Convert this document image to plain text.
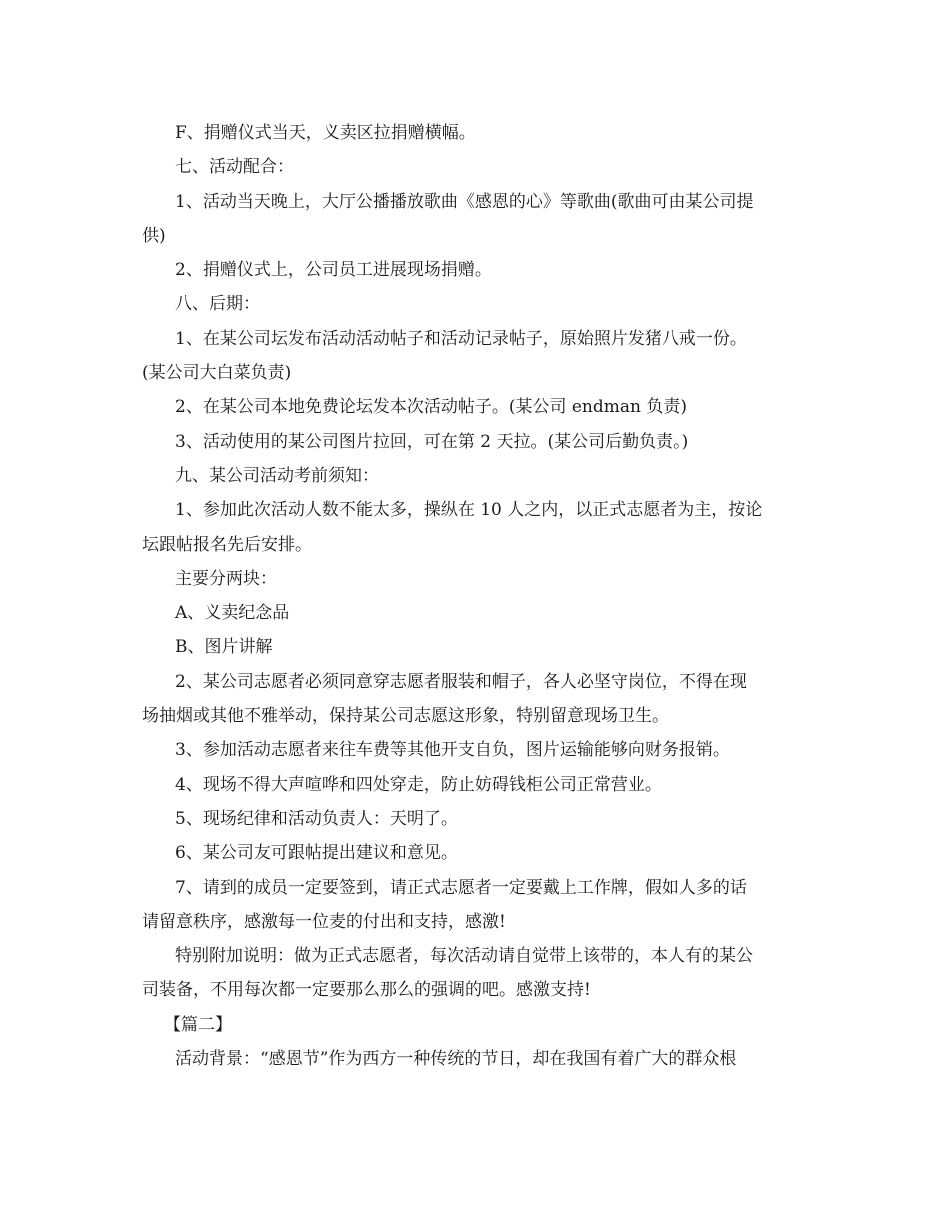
F、捐赠仪式当天，义卖区拉捐赠横幅。
七、活动配合：
1、活动当天晚上，大厅公播播放歌曲《感恩的心》等歌曲(歌曲可由某公司提
供)
2、捐赠仪式上，公司员工进展现场捐赠。
八、后期：
1、在某公司坛发布活动活动帖子和活动记录帖子，原始照片发猪八戒一份。
(某公司大白菜负责)
2、在某公司本地免费论坛发本次活动帖子。(某公司 endman 负责)
3、活动使用的某公司图片拉回，可在第 2 天拉。(某公司后勤负责。)
九、某公司活动考前须知：
1、参加此次活动人数不能太多，操纵在 10 人之内，以正式志愿者为主，按论
坛跟帖报名先后安排。
主要分两块：
A、义卖纪念品
B、图片讲解
2、某公司志愿者必须同意穿志愿者服装和帽子，各人必坚守岗位，不得在现
场抽烟或其他不雅举动，保持某公司志愿这形象，特别留意现场卫生。
3、参加活动志愿者来往车费等其他开支自负，图片运输能够向财务报销。
4、现场不得大声喧哗和四处穿走，防止妨碍钱柜公司正常营业。
5、现场纪律和活动负责人：天明了。
6、某公司友可跟帖提出建议和意见。
7、请到的成员一定要签到，请正式志愿者一定要戴上工作牌，假如人多的话
请留意秩序，感激每一位麦的付出和支持，感激!
特别附加说明：做为正式志愿者，每次活动请自觉带上该带的，本人有的某公
司装备，不用每次都一定要那么那么的强调的吧。感激支持!
【篇二】
活动背景：“感恩节”作为西方一种传统的节日，却在我国有着广大的群众根
